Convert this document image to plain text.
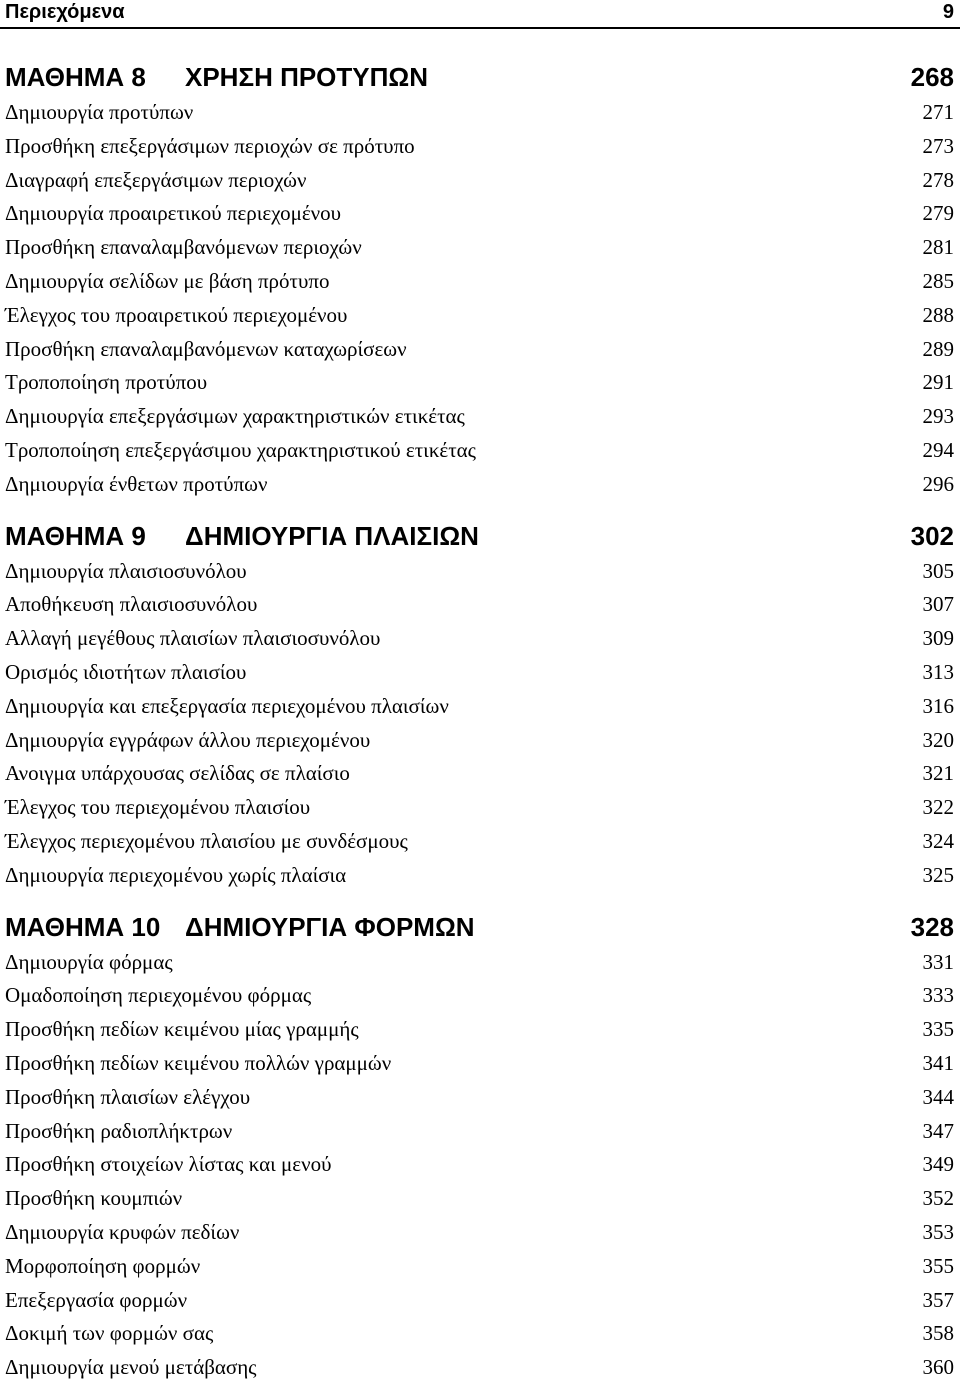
Περιεχόμενα	9
ΜΑΘΗΜΑ 8 ΧΡΗΣΗ ΠΡΟΤΥΠΩΝ	268
Δημιουργία προτύπων	271
Προσθήκη επεξεργάσιμων περιοχών σε πρότυπο	273
Διαγραφή επεξεργάσιμων περιοχών	278
Δημιουργία προαιρετικού περιεχομένου	279
Προσθήκη επαναλαμβανόμενων περιοχών	281
Δημιουργία σελίδων με βάση πρότυπο	285
Έλεγχος του προαιρετικού περιεχομένου	288
Προσθήκη επαναλαμβανόμενων καταχωρίσεων	289
Τροποποίηση προτύπου	291
Δημιουργία επεξεργάσιμων χαρακτηριστικών ετικέτας	293
Τροποποίηση επεξεργάσιμου χαρακτηριστικού ετικέτας	294
Δημιουργία ένθετων προτύπων	296
ΜΑΘΗΜΑ 9 ΔΗΜΙΟΥΡΓΙΑ ΠΛΑΙΣΙΩΝ	302
Δημιουργία πλαισιοσυνόλου	305
Αποθήκευση πλαισιοσυνόλου	307
Αλλαγή μεγέθους πλαισίων πλαισιοσυνόλου	309
Ορισμός ιδιοτήτων πλαισίου	313
Δημιουργία και επεξεργασία περιεχομένου πλαισίων	316
Δημιουργία εγγράφων άλλου περιεχομένου	320
Ανοιγμα υπάρχουσας σελίδας σε πλαίσιο	321
Έλεγχος του περιεχομένου πλαισίου	322
Έλεγχος περιεχομένου πλαισίου με συνδέσμους	324
Δημιουργία περιεχομένου χωρίς πλαίσια	325
ΜΑΘΗΜΑ 10 ΔΗΜΙΟΥΡΓΙΑ ΦΟΡΜΩΝ	328
Δημιουργία φόρμας	331
Ομαδοποίηση περιεχομένου φόρμας	333
Προσθήκη πεδίων κειμένου μίας γραμμής	335
Προσθήκη πεδίων κειμένου πολλών γραμμών	341
Προσθήκη πλαισίων ελέγχου	344
Προσθήκη ραδιοπλήκτρων	347
Προσθήκη στοιχείων λίστας και μενού	349
Προσθήκη κουμπιών	352
Δημιουργία κρυφών πεδίων	353
Μορφοποίηση φορμών	355
Επεξεργασία φορμών	357
Δοκιμή των φορμών σας	358
Δημιουργία μενού μετάβασης	360
